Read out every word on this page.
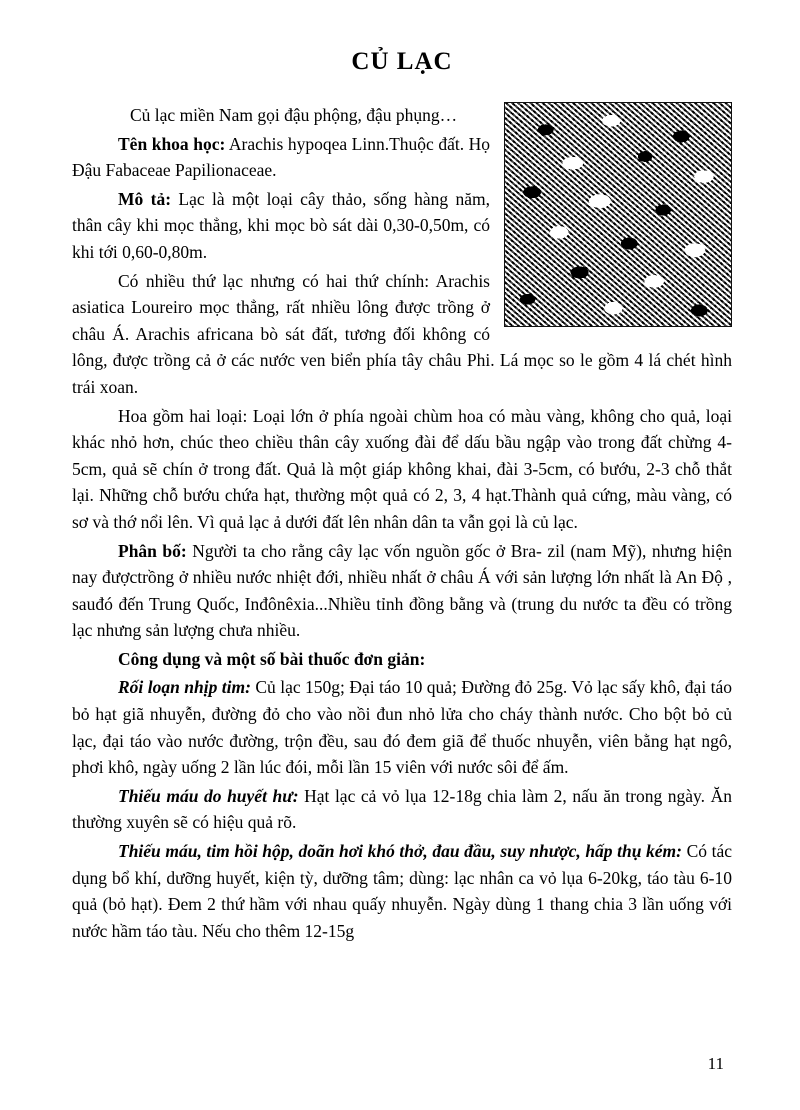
CỦ LẠC

Củ lạc miền Nam gọi đậu phộng, đậu phụng…

Tên khoa học: Arachis hypoqea Linn.Thuộc đất. Họ Đậu Fabaceae Papilionaceae.

Mô tả: Lạc là một loại cây thảo, sống hàng năm, thân cây khi mọc thẳng, khi mọc bò sát dài 0,30-0,50m, có khi tới 0,60-0,80m.

Có nhiều thứ lạc nhưng có hai thứ chính: Arachis asiatica Loureiro mọc thẳng, rất nhiều lông được trồng ở châu Á. Arachis africana bò sát đất, tương đối không có lông, được trồng cả ở các nước ven biển phía tây châu Phi. Lá mọc so le gồm 4 lá chét hình trái xoan.

Hoa gồm hai loại: Loại lớn ở phía ngoài chùm hoa có màu vàng, không cho quả, loại khác nhỏ hơn, chúc theo chiều thân cây xuống đài để dấu bầu ngập vào trong đất chừng 4-5cm, quả sẽ chín ở trong đất. Quả là một giáp không khai, đài 3-5cm, có bướu, 2-3 chỗ thắt lại. Những chỗ bướu chứa hạt, thường một quả có 2, 3, 4 hạt.Thành quả cứng, màu vàng, có sơ và thớ nổi lên. Vì quả lạc ả dưới đất lên nhân dân ta vẫn gọi là củ lạc.

Phân bố: Người ta cho rằng cây lạc vốn nguồn gốc ở Bra- zil (nam Mỹ), nhưng hiện nay đượctrồng ở nhiều nước nhiệt đới, nhiều nhất ở châu Á với sản lượng lớn nhất là An Độ , sauđó đến Trung Quốc, Inđônêxia...Nhiều tỉnh đồng bằng và (trung du nước ta đều có trồng lạc nhưng sản lượng chưa nhiều.

Công dụng và một số bài thuốc đơn giản:

Rối loạn nhịp tim: Củ lạc 150g; Đại táo 10 quả; Đường đỏ 25g. Vỏ lạc sấy khô, đại táo bỏ hạt giã nhuyễn, đường đỏ cho vào nồi đun nhỏ lửa cho cháy thành nước. Cho bột bỏ củ lạc, đại táo vào nước đường, trộn đều, sau đó đem giã để thuốc nhuyễn, viên bằng hạt ngô, phơi khô, ngày uống 2 lần lúc đói, mỗi lần 15 viên với nước sôi để ấm.

Thiếu máu do huyết hư: Hạt lạc cả vỏ lụa 12-18g chia làm 2, nấu ăn trong ngày. Ăn thường xuyên sẽ có hiệu quả rõ.

Thiếu máu, tim hồi hộp, doãn hơi khó thở, đau đầu, suy nhược, hấp thụ kém: Có tác dụng bổ khí, dưỡng huyết, kiện tỳ, dưỡng tâm; dùng: lạc nhân ca vỏ lụa 6-20kg, táo tàu 6-10 quả (bỏ hạt). Đem 2 thứ hầm với nhau quấy nhuyễn. Ngày dùng 1 thang chia 3 lần uống với nước hầm táo tàu. Nếu cho thêm 12-15g

11
